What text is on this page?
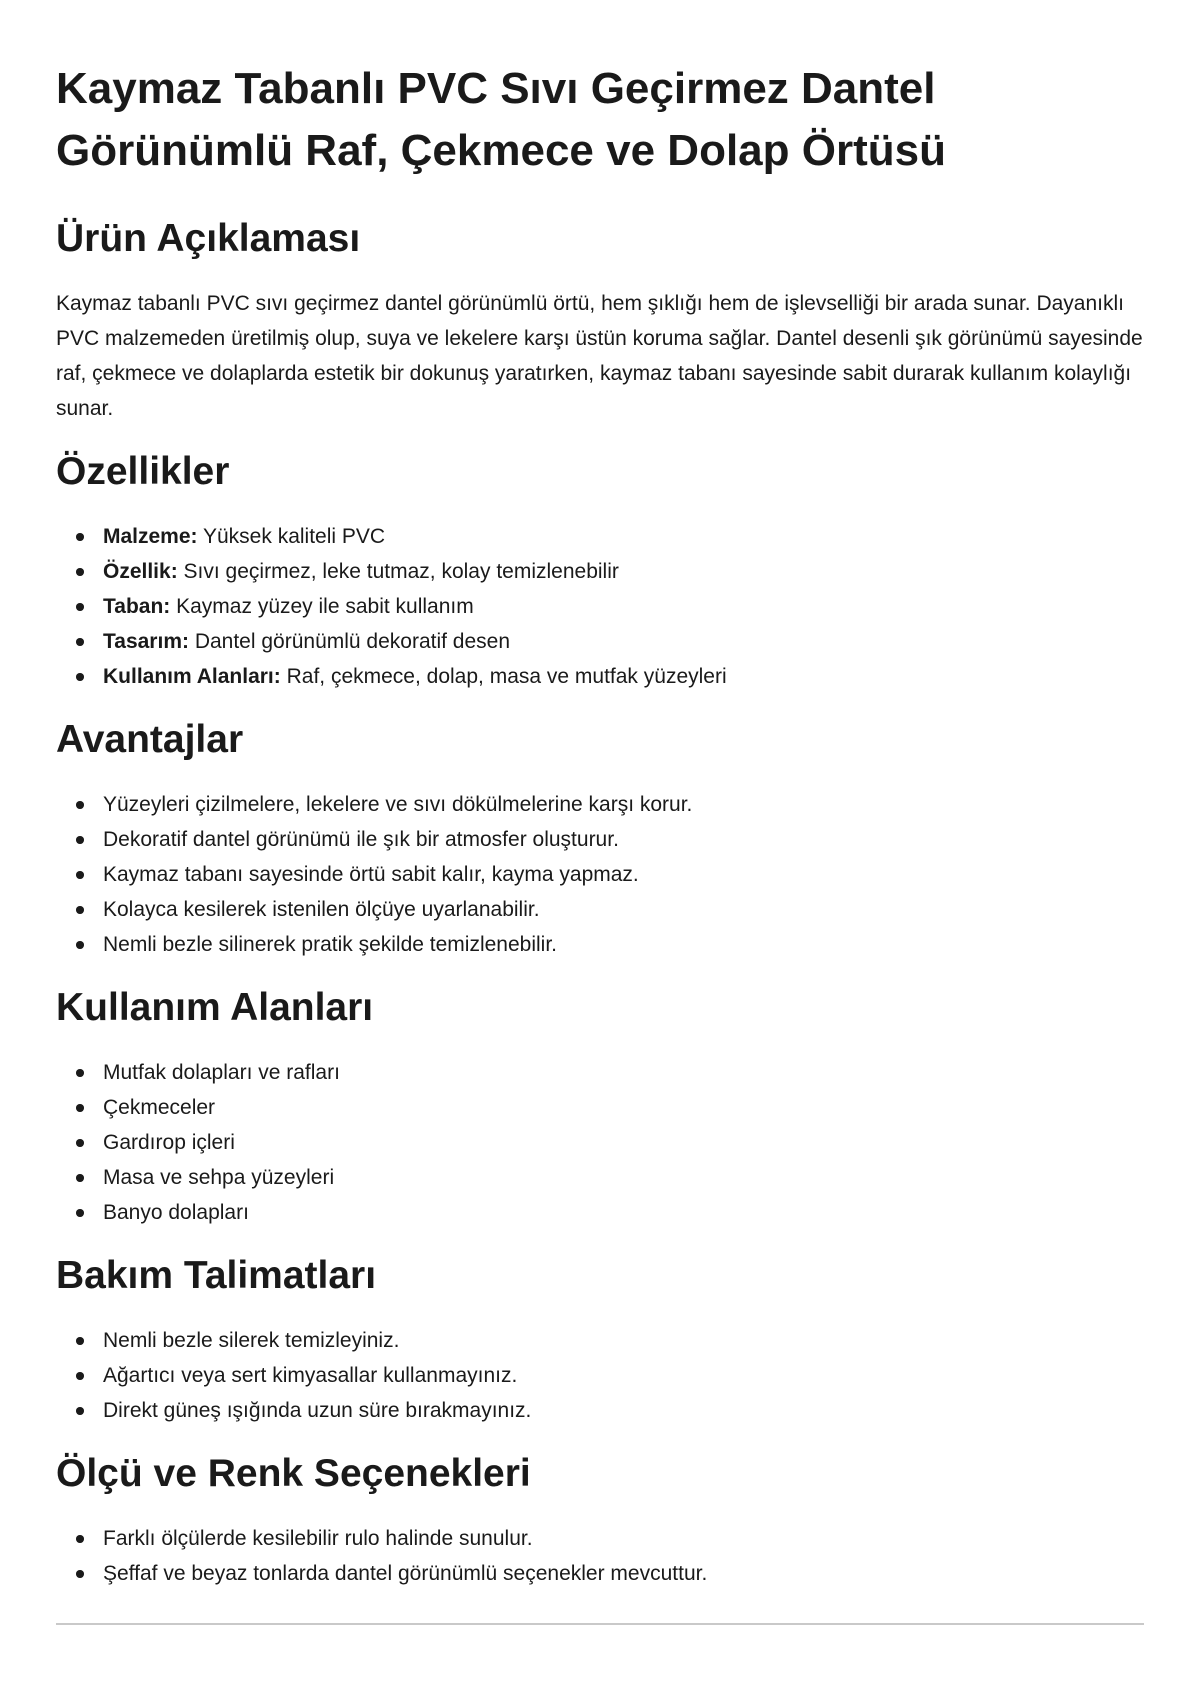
Kaymaz Tabanlı PVC Sıvı Geçirmez Dantel Görünümlü Raf, Çekmece ve Dolap Örtüsü
Ürün Açıklaması

Kaymaz tabanlı PVC sıvı geçirmez dantel görünümlü örtü, hem şıklığı hem de işlevselliği bir arada sunar. Dayanıklı PVC malzemeden üretilmiş olup, suya ve lekelere karşı üstün koruma sağlar. Dantel desenli şık görünümü sayesinde raf, çekmece ve dolaplarda estetik bir dokunuş yaratırken, kaymaz tabanı sayesinde sabit durarak kullanım kolaylığı sunar.

Özellikler
Malzeme: Yüksek kaliteli PVC
Özellik: Sıvı geçirmez, leke tutmaz, kolay temizlenebilir
Taban: Kaymaz yüzey ile sabit kullanım
Tasarım: Dantel görünümlü dekoratif desen
Kullanım Alanları: Raf, çekmece, dolap, masa ve mutfak yüzeyleri
Avantajlar
Yüzeyleri çizilmelere, lekelere ve sıvı dökülmelerine karşı korur.
Dekoratif dantel görünümü ile şık bir atmosfer oluşturur.
Kaymaz tabanı sayesinde örtü sabit kalır, kayma yapmaz.
Kolayca kesilerek istenilen ölçüye uyarlanabilir.
Nemli bezle silinerek pratik şekilde temizlenebilir.
Kullanım Alanları
Mutfak dolapları ve rafları
Çekmeceler
Gardırop içleri
Masa ve sehpa yüzeyleri
Banyo dolapları
Bakım Talimatları
Nemli bezle silerek temizleyiniz.
Ağartıcı veya sert kimyasallar kullanmayınız.
Direkt güneş ışığında uzun süre bırakmayınız.
Ölçü ve Renk Seçenekleri
Farklı ölçülerde kesilebilir rulo halinde sunulur.
Şeffaf ve beyaz tonlarda dantel görünümlü seçenekler mevcuttur.
